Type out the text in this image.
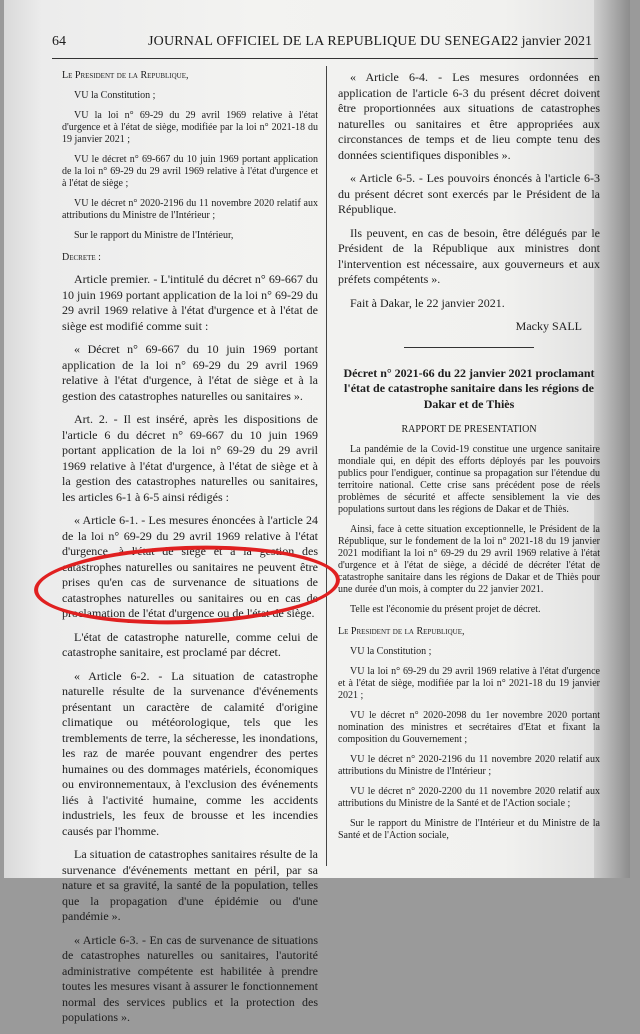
64	JOURNAL OFFICIEL DE LA REPUBLIQUE DU SENEGAL
22 janvier 2021

Le President de la Republique,

VU la Constitution ;

VU la loi n° 69-29 du 29 avril 1969 relative à l'état d'urgence et à l'état de siège, modifiée par la loi n° 2021-18 du 19 janvier 2021 ;

VU le décret n° 69-667 du 10 juin 1969 portant application de la loi n° 69-29 du 29 avril 1969 relative à l'état d'urgence et à l'état de siège ;

VU le décret n° 2020-2196 du 11 novembre 2020 relatif aux attributions du Ministre de l'Intérieur ;

Sur le rapport du Ministre de l'Intérieur,

Decrete :

Article premier. - L'intitulé du décret n° 69-667 du 10 juin 1969 portant application de la loi n° 69-29 du 29 avril 1969 relative à l'état d'urgence et à l'état de siège est modifié comme suit :

« Décret n° 69-667 du 10 juin 1969 portant application de la loi n° 69-29 du 29 avril 1969 relative à l'état d'urgence, à l'état de siège et à la gestion des catastrophes naturelles ou sanitaires ».

Art. 2. - Il est inséré, après les dispositions de l'article 6 du décret n° 69-667 du 10 juin 1969 portant application de la loi n° 69-29 du 29 avril 1969 relative à l'état d'urgence, à l'état de siège et à la gestion des catastrophes naturelles ou sanitaires, les articles 6-1 à 6-5 ainsi rédigés :

« Article 6-1. - Les mesures énoncées à l'article 24 de la loi n° 69-29 du 29 avril 1969 relative à l'état d'urgence, à l'état de siège et à la gestion des catastrophes naturelles ou sanitaires ne peuvent être prises qu'en cas de survenance de situations de catastrophes naturelles ou sanitaires ou en cas de proclamation de l'état d'urgence ou de l'état de siège.

L'état de catastrophe naturelle, comme celui de catastrophe sanitaire, est proclamé par décret.

« Article 6-2. - La situation de catastrophe naturelle résulte de la survenance d'événements présentant un caractère de calamité d'origine climatique ou météorologique, tels que les tremblements de terre, la sécheresse, les inondations, les raz de marée pouvant engendrer des pertes humaines ou des dommages matériels, économiques ou environnementaux, à l'exclusion des événements liés à l'activité humaine, comme les accidents industriels, les feux de brousse et les incendies causés par l'homme.

La situation de catastrophes sanitaires résulte de la survenance d'événements mettant en péril, par sa nature et sa gravité, la santé de la population, telles que la propagation d'une épidémie ou d'une pandémie ».

« Article 6-3. - En cas de survenance de situations de catastrophes naturelles ou sanitaires, l'autorité administrative compétente est habilitée à prendre toutes les mesures visant à assurer le fonctionnement normal des services publics et la protection des populations ».

« Article 6-4. - Les mesures ordonnées en application de l'article 6-3 du présent décret doivent être proportionnées aux situations de catastrophes naturelles ou sanitaires et être appropriées aux circonstances de temps et de lieu compte tenu des données scientifiques disponibles ».

« Article 6-5. - Les pouvoirs énoncés à l'article 6-3 du présent décret sont exercés par le Président de la République.

Ils peuvent, en cas de besoin, être délégués par le Président de la République aux ministres dont l'intervention est nécessaire, aux gouverneurs et aux préfets compétents ».

Fait à Dakar, le 22 janvier 2021.

Macky SALL

Décret n° 2021-66 du 22 janvier 2021 proclamant l'état de catastrophe sanitaire dans les régions de Dakar et de Thiès

RAPPORT DE PRESENTATION

La pandémie de la Covid-19 constitue une urgence sanitaire mondiale qui, en dépit des efforts déployés par les pouvoirs publics pour l'endiguer, continue sa propagation sur l'étendue du territoire national. Cette crise sans précédent pose de réels problèmes de sécurité et affecte sensiblement la vie des populations surtout dans les régions de Dakar et de Thiès.

Ainsi, face à cette situation exceptionnelle, le Président de la République, sur le fondement de la loi n° 2021-18 du 19 janvier 2021 modifiant la loi n° 69-29 du 29 avril 1969 relative à l'état d'urgence et à l'état de siège, a décidé de décréter l'état de catastrophe sanitaire dans les régions de Dakar et de Thiès pour une durée d'un mois, à compter du 22 janvier 2021.

Telle est l'économie du présent projet de décret.

Le President de la Republique,

VU la Constitution ;

VU la loi n° 69-29 du 29 avril 1969 relative à l'état d'urgence et à l'état de siège, modifiée par la loi n° 2021-18 du 19 janvier 2021 ;

VU le décret n° 2020-2098 du 1er novembre 2020 portant nomination des ministres et secrétaires d'Etat et fixant la composition du Gouvernement ;

VU le décret n° 2020-2196 du 11 novembre 2020 relatif aux attributions du Ministre de l'Intérieur ;

VU le décret n° 2020-2200 du 11 novembre 2020 relatif aux attributions du Ministre de la Santé et de l'Action sociale ;

Sur le rapport du Ministre de l'Intérieur et du Ministre de la Santé et de l'Action sociale,
